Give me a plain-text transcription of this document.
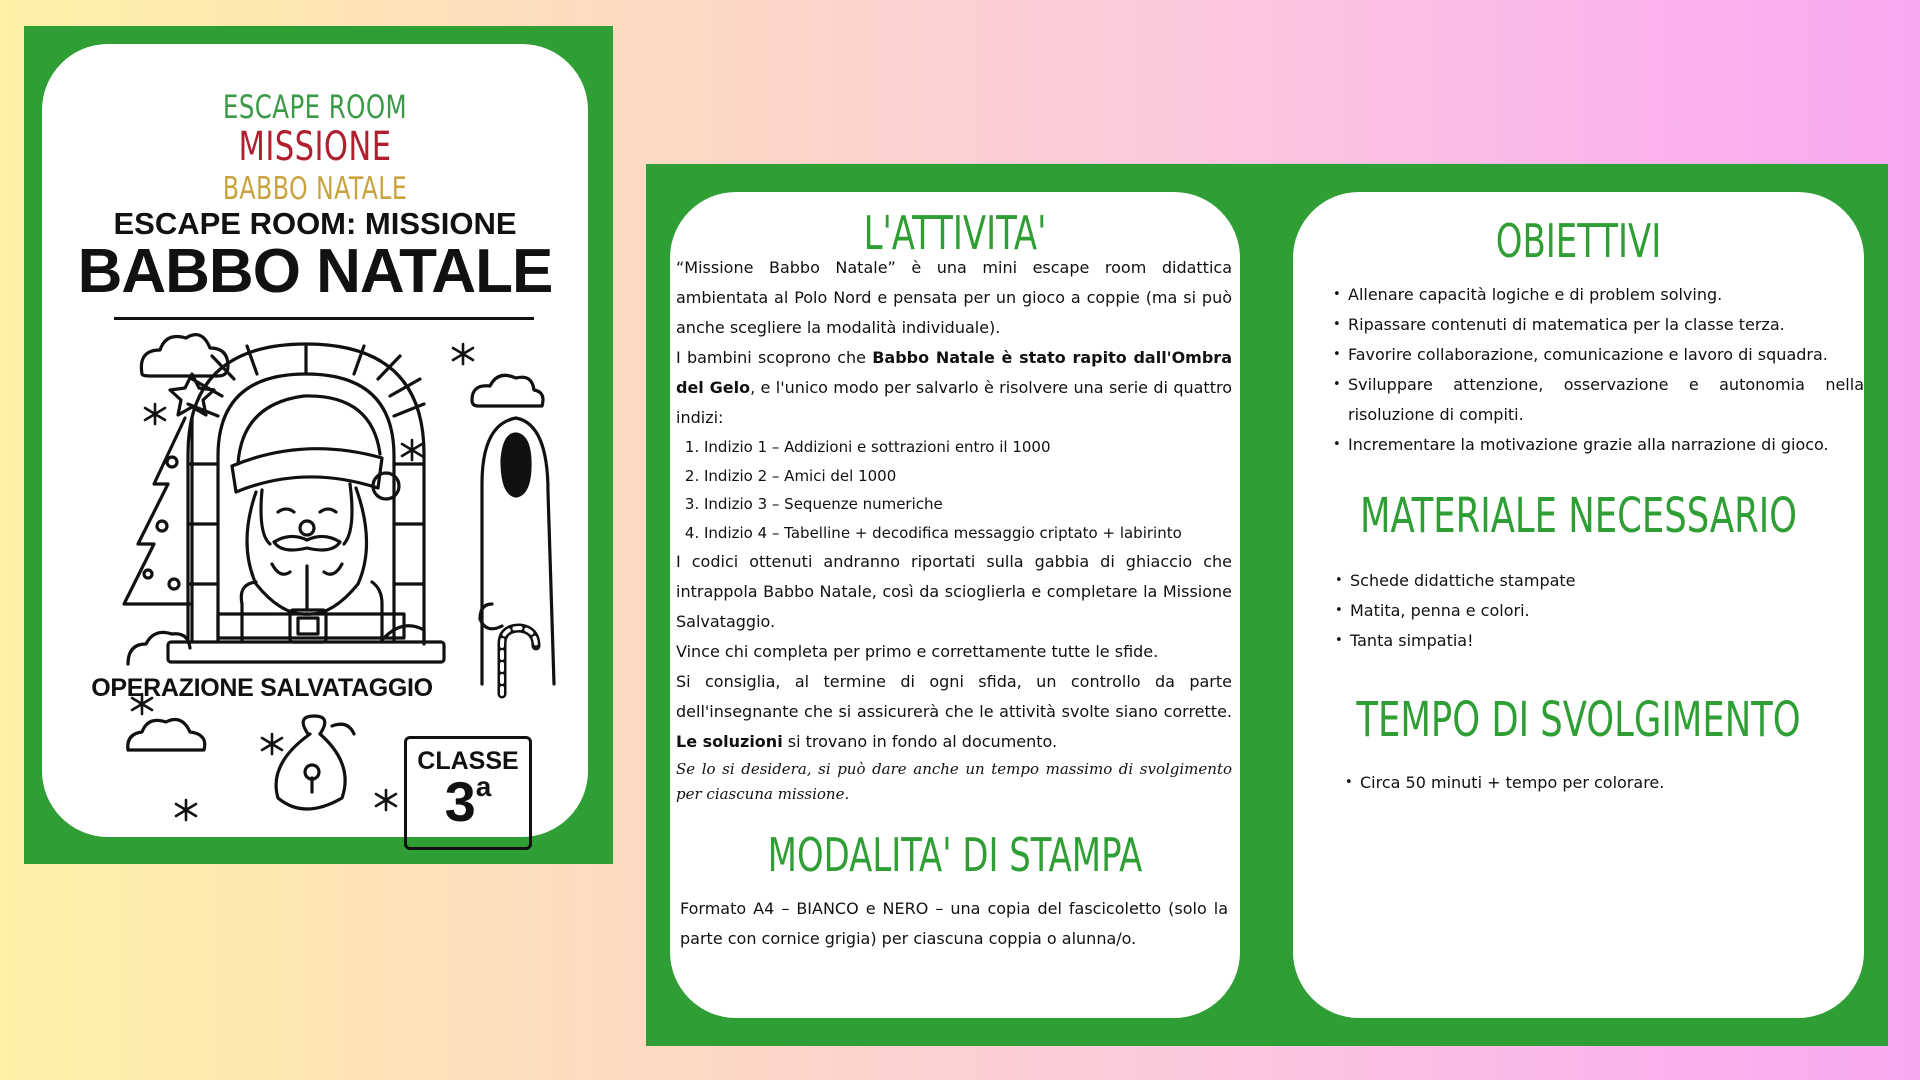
ESCAPE ROOM
MISSIONE
BABBO NATALE
ESCAPE ROOM: MISSIONE
BABBO NATALE
OPERAZIONE SALVATAGGIO
CLASSE
3$^a$
L'ATTIVITA'

“Missione Babbo Natale” è una mini escape room didattica ambientata al Polo Nord e pensata per un gioco a coppie (ma si può anche scegliere la modalità individuale).

I bambini scoprono che Babbo Natale è stato rapito dall'Ombra del Gelo, e l'unico modo per salvarlo è risolvere una serie di quattro indizi:

1. Indizio 1 – Addizioni e sottrazioni entro il 1000
2. Indizio 2 – Amici del 1000
3. Indizio 3 – Sequenze numeriche
4. Indizio 4 – Tabelline + decodifica messaggio criptato + labirinto

I codici ottenuti andranno riportati sulla gabbia di ghiaccio che intrappola Babbo Natale, così da scioglierla e completare la Missione Salvataggio.

Vince chi completa per primo e correttamente tutte le sfide.

Si consiglia, al termine di ogni sfida, un controllo da parte dell'insegnante che si assicurerà che le attività svolte siano corrette. Le soluzioni si trovano in fondo al documento.

Se lo si desidera, si può dare anche un tempo massimo di svolgimento per ciascuna missione.

MODALITA' DI STAMPA
Formato A4 – BIANCO e NERO – una copia del fascicoletto (solo la parte con cornice grigia) per ciascuna coppia o alunna/o.
OBIETTIVI
• Allenare capacità logiche e di problem solving.
• Ripassare contenuti di matematica per la classe terza.
• Favorire collaborazione, comunicazione e lavoro di squadra.
• Sviluppare attenzione, osservazione e autonomia nella risoluzione di compiti.
• Incrementare la motivazione grazie alla narrazione di gioco.
MATERIALE NECESSARIO
• Schede didattiche stampate
• Matita, penna e colori.
• Tanta simpatia!
TEMPO DI SVOLGIMENTO
• Circa 50 minuti + tempo per colorare.
